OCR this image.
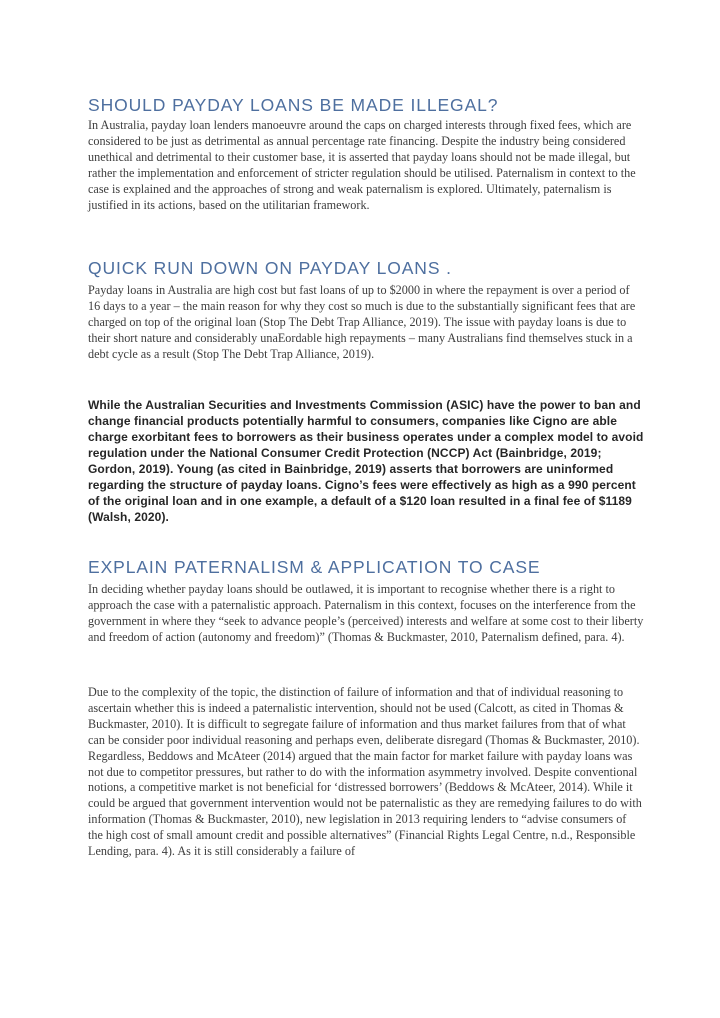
SHOULD PAYDAY LOANS BE MADE ILLEGAL?

In Australia, payday loan lenders manoeuvre around the caps on charged interests through fixed fees, which are considered to be just as detrimental as annual percentage rate financing. Despite the industry being considered unethical and detrimental to their customer base, it is asserted that payday loans should not be made illegal, but rather the implementation and enforcement of stricter regulation should be utilised. Paternalism in context to the case is explained and the approaches of strong and weak paternalism is explored. Ultimately, paternalism is justified in its actions, based on the utilitarian framework.

QUICK RUN DOWN ON PAYDAY LOANS .

Payday loans in Australia are high cost but fast loans of up to $2000 in where the repayment is over a period of 16 days to a year – the main reason for why they cost so much is due to the substantially significant fees that are charged on top of the original loan (Stop The Debt Trap Alliance, 2019). The issue with payday loans is due to their short nature and considerably unaEordable high repayments – many Australians find themselves stuck in a debt cycle as a result (Stop The Debt Trap Alliance, 2019).

While the Australian Securities and Investments Commission (ASIC) have the power to ban and change financial products potentially harmful to consumers, companies like Cigno are able charge exorbitant fees to borrowers as their business operates under a complex model to avoid regulation under the National Consumer Credit Protection (NCCP) Act (Bainbridge, 2019; Gordon, 2019). Young (as cited in Bainbridge, 2019) asserts that borrowers are uninformed regarding the structure of payday loans. Cigno’s fees were effectively as high as a 990 percent of the original loan and in one example, a default of a $120 loan resulted in a final fee of $1189 (Walsh, 2020).

EXPLAIN PATERNALISM & APPLICATION TO CASE

In deciding whether payday loans should be outlawed, it is important to recognise whether there is a right to approach the case with a paternalistic approach. Paternalism in this context, focuses on the interference from the government in where they “seek to advance people’s (perceived) interests and welfare at some cost to their liberty and freedom of action (autonomy and freedom)” (Thomas & Buckmaster, 2010, Paternalism defined, para. 4).

Due to the complexity of the topic, the distinction of failure of information and that of individual reasoning to ascertain whether this is indeed a paternalistic intervention, should not be used (Calcott, as cited in Thomas & Buckmaster, 2010). It is difficult to segregate failure of information and thus market failures from that of what can be consider poor individual reasoning and perhaps even, deliberate disregard (Thomas & Buckmaster, 2010). Regardless, Beddows and McAteer (2014) argued that the main factor for market failure with payday loans was not due to competitor pressures, but rather to do with the information asymmetry involved. Despite conventional notions, a competitive market is not beneficial for ‘distressed borrowers’ (Beddows & McAteer, 2014). While it could be argued that government intervention would not be paternalistic as they are remedying failures to do with information (Thomas & Buckmaster, 2010), new legislation in 2013 requiring lenders to “advise consumers of the high cost of small amount credit and possible alternatives” (Financial Rights Legal Centre, n.d., Responsible Lending, para. 4). As it is still considerably a failure of
